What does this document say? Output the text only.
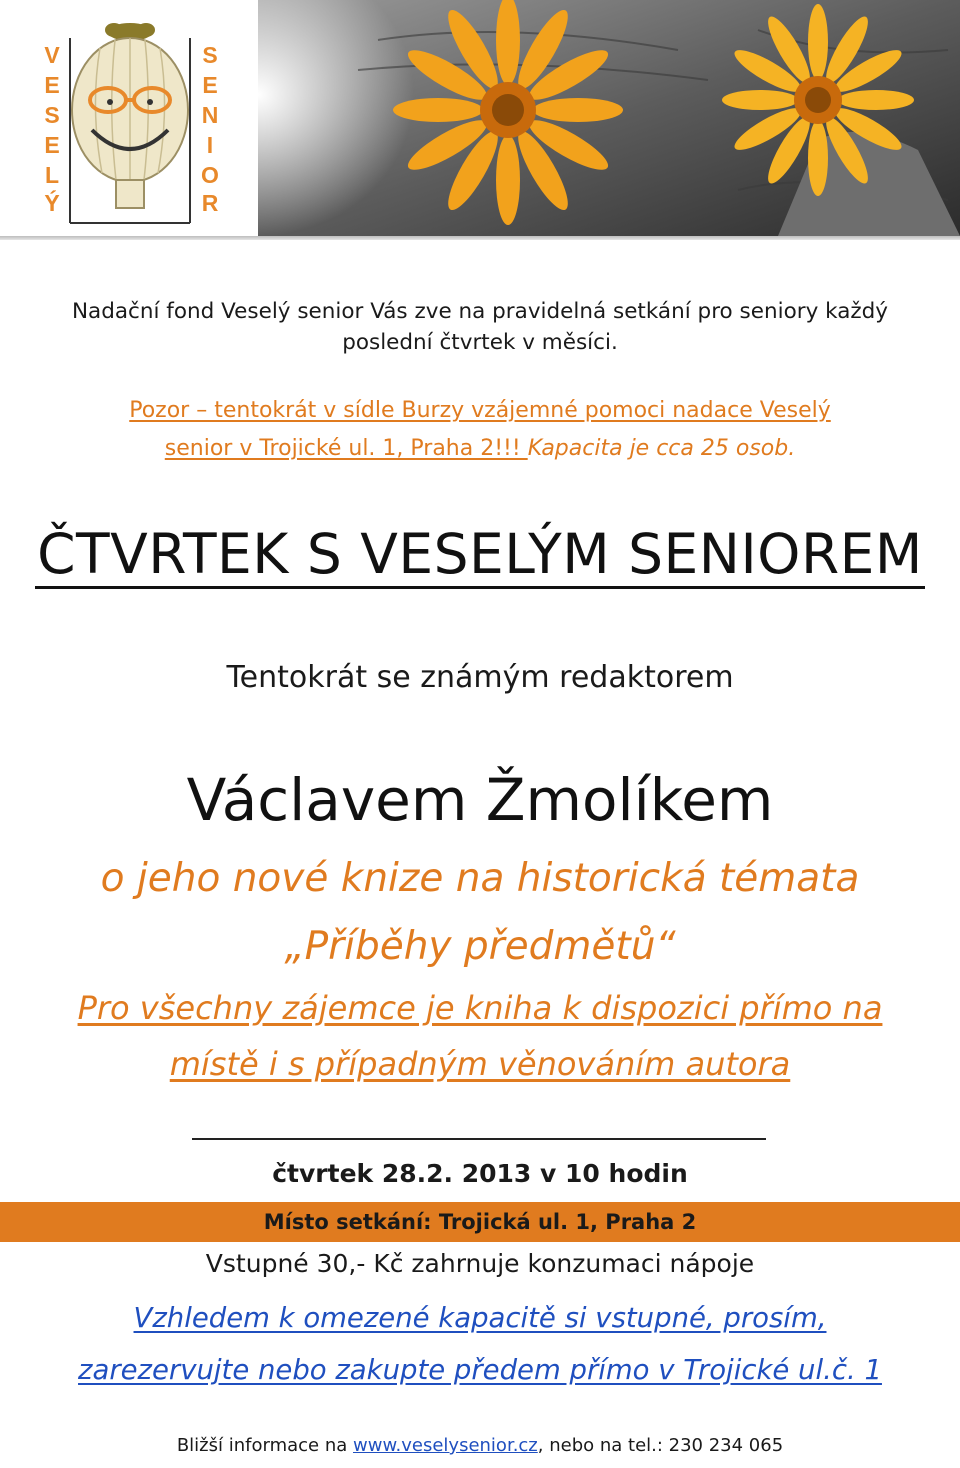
V
E
S
E
L
Ý
S
E
N
I
O
R
Nadační fond Veselý senior Vás zve na pravidelná setkání pro seniory každý
poslední čtvrtek v měsíci.
Pozor – tentokrát v sídle Burzy vzájemné pomoci nadace Veselý
senior v Trojické ul. 1, Praha 2!!! Kapacita je cca 25 osob.
ČTVRTEK S VESELÝM SENIOREM
Tentokrát se známým redaktorem
Václavem Žmolíkem
o jeho nové knize na historická témata
„Příběhy předmětů“
Pro všechny zájemce je kniha k dispozici přímo na
místě i s případným věnováním autora
čtvrtek 28.2. 2013 v 10 hodin
Místo setkání: Trojická ul. 1, Praha 2
Vstupné 30,- Kč zahrnuje konzumaci nápoje
Vzhledem k omezené kapacitě si vstupné, prosím,
zarezervujte nebo zakupte předem přímo v Trojické ul.č. 1
Bližší informace na www.veselysenior.cz, nebo na tel.: 230 234 065
